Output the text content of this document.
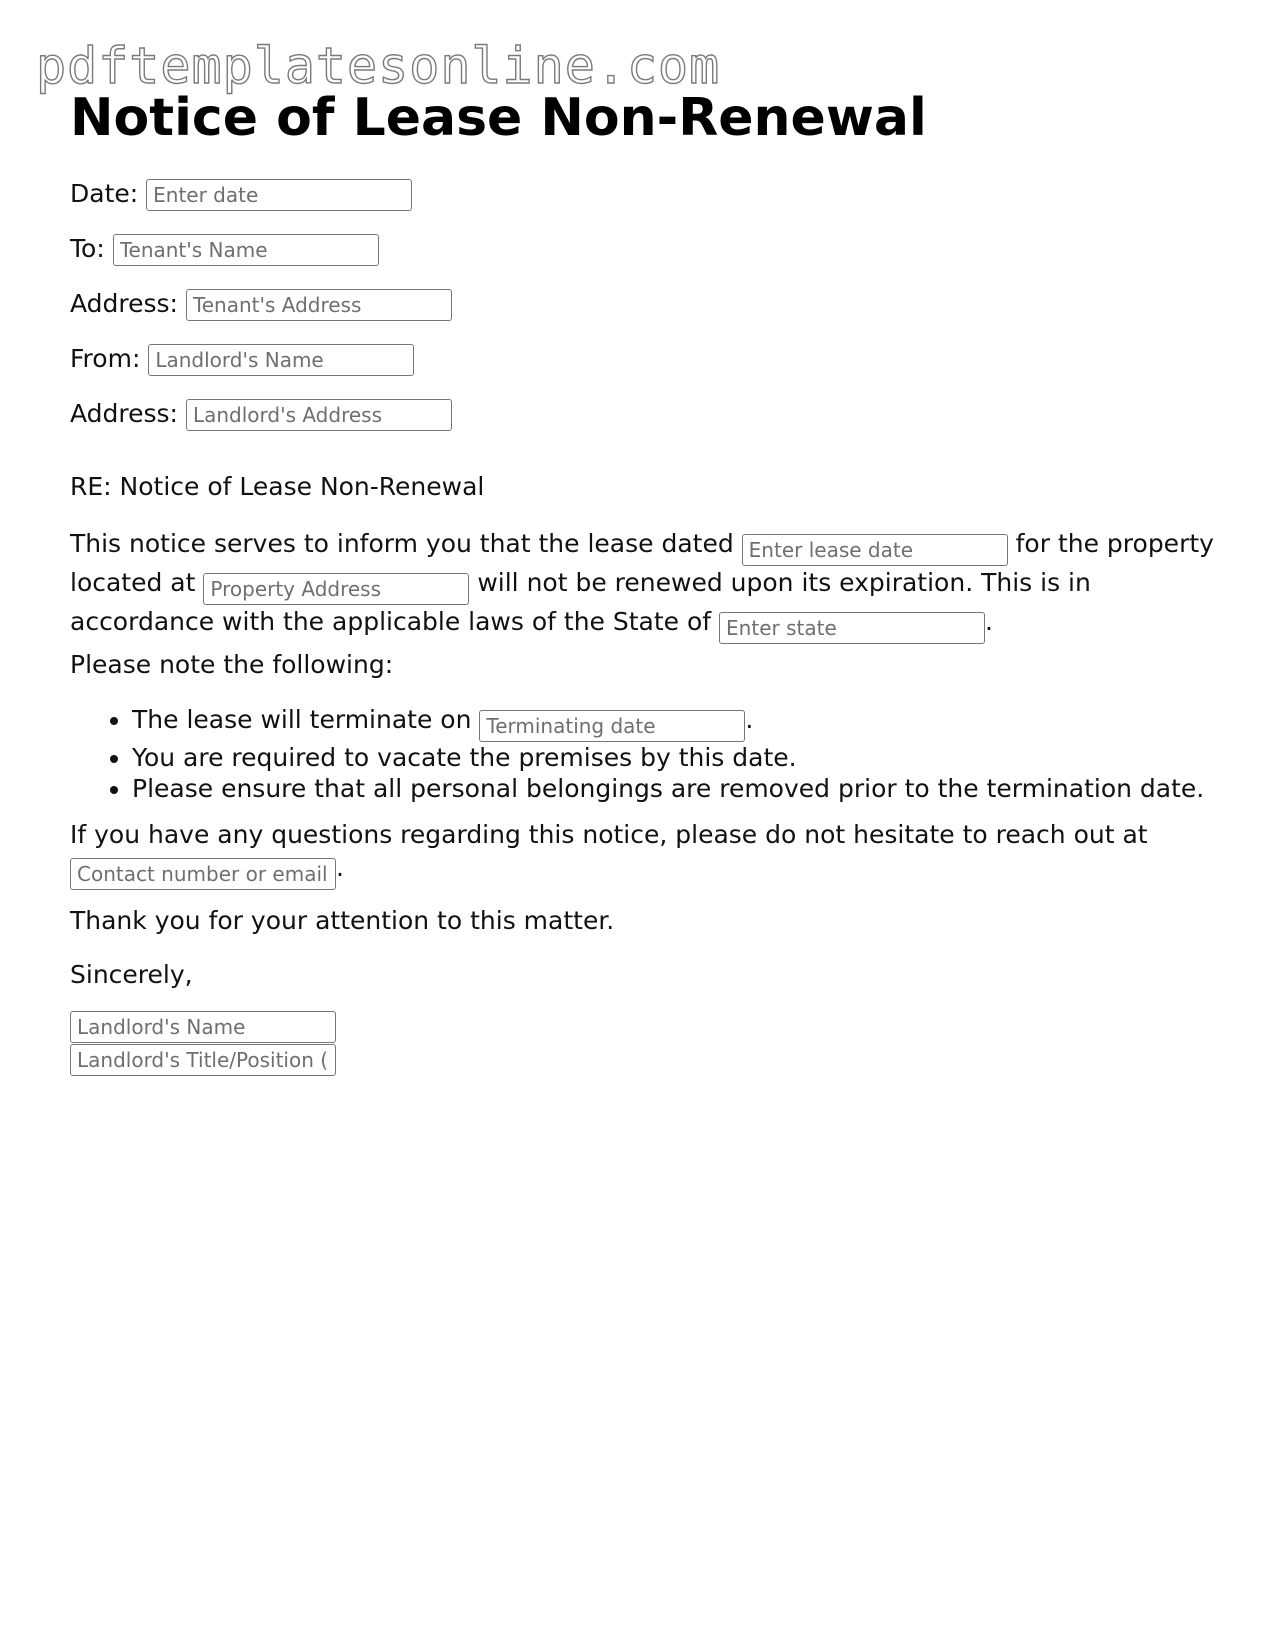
pdftemplatesonline.com
Notice of Lease Non-Renewal
Date: Enter date
To: Tenant's Name
Address: Tenant's Address
From: Landlord's Name
Address: Landlord's Address

RE: Notice of Lease Non-Renewal

This notice serves to inform you that the lease dated Enter lease date	for the property located at Property Address	will not be renewed upon its expiration. This is in accordance with the applicable laws of the State of Enter state	.

Please note the following:

• The lease will terminate on Terminating date	.
• You are required to vacate the premises by this date.
• Please ensure that all personal belongings are removed prior to the termination date.

If you have any questions regarding this notice, please do not hesitate to reach out at
Contact number or email.

Thank you for your attention to this matter.

Sincerely,

Landlord's Name
Landlord's Title/Position (if applicable)
